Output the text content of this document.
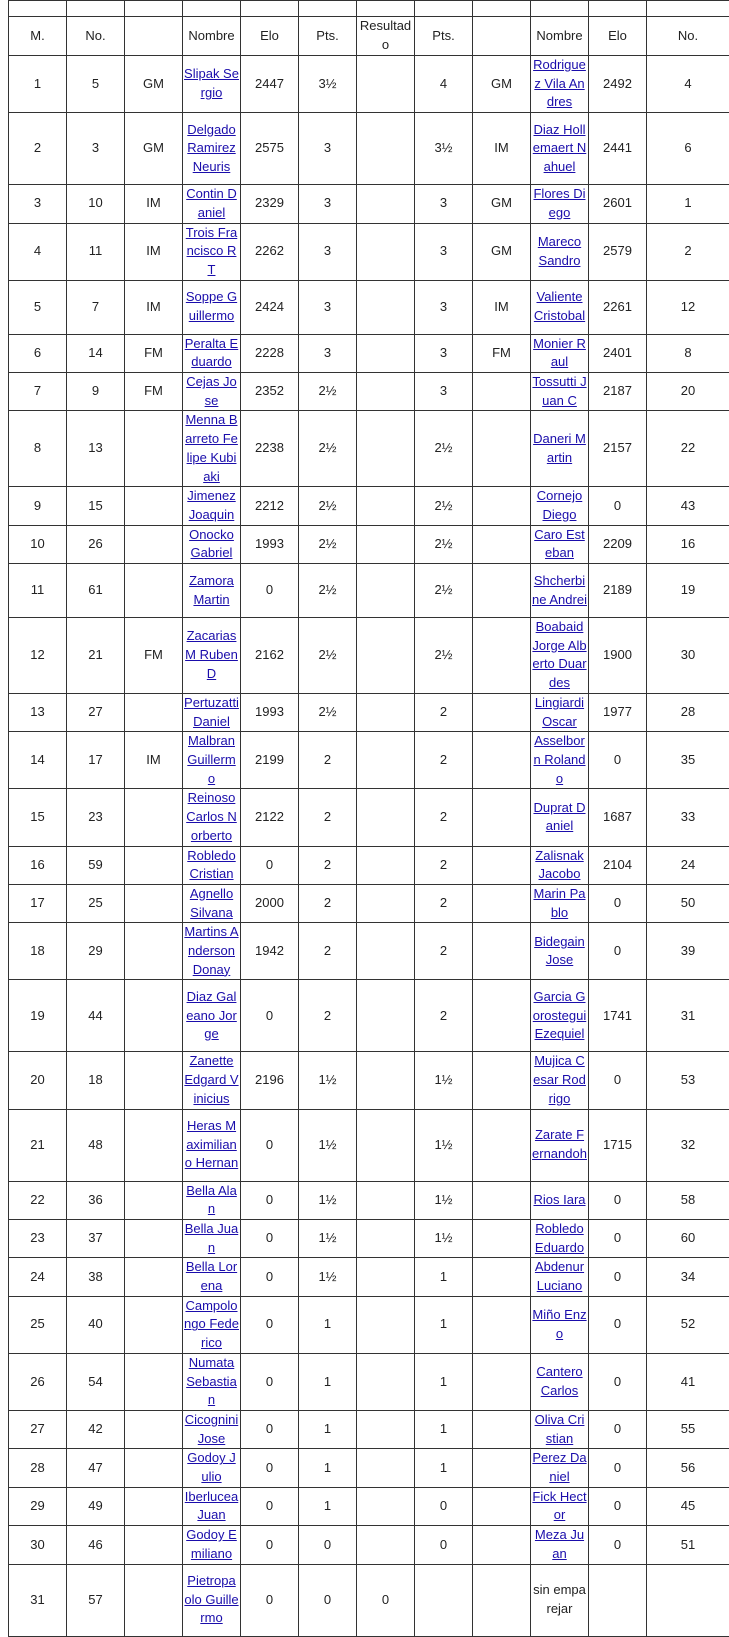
M.	No.		Nombre	Elo	Pts.	Resultado	Pts.		Nombre	Elo	No.
1	5	GM	Slipak Sergio	2447	3½		4	GM	Rodriguez Vila Andres	2492	4
2	3	GM	Delgado Ramirez Neuris	2575	3		3½	IM	Diaz Hollemaert Nahuel	2441	6
3	10	IM	Contin Daniel	2329	3		3	GM	Flores Diego	2601	1
4	11	IM	Trois Francisco R T	2262	3		3	GM	Mareco Sandro	2579	2
5	7	IM	Soppe Guillermo	2424	3		3	IM	Valiente Cristobal	2261	12
6	14	FM	Peralta Eduardo	2228	3		3	FM	Monier Raul	2401	8
7	9	FM	Cejas Jose	2352	2½		3		Tossutti Juan C	2187	20
8	13		Menna Barreto Felipe Kubiaki	2238	2½		2½		Daneri Martin	2157	22
9	15		Jimenez Joaquin	2212	2½		2½		Cornejo Diego	0	43
10	26		Onocko Gabriel	1993	2½		2½		Caro Esteban	2209	16
11	61		Zamora Martin	0	2½		2½		Shcherbine Andrei	2189	19
12	21	FM	Zacarias M Ruben D	2162	2½		2½		Boabaid Jorge Alberto Duardes	1900	30
13	27		Pertuzatti Daniel	1993	2½		2		Lingiardi Oscar	1977	28
14	17	IM	Malbran Guillermo	2199	2		2		Asselborn Rolando	0	35
15	23		Reinoso Carlos Norberto	2122	2		2		Duprat Daniel	1687	33
16	59		Robledo Cristian	0	2		2		Zalisnak Jacobo	2104	24
17	25		Agnello Silvana	2000	2		2		Marin Pablo	0	50
18	29		Martins Anderson Donay	1942	2		2		Bidegain Jose	0	39
19	44		Diaz Galeano Jorge	0	2		2		Garcia Gorostegui Ezequiel	1741	31
20	18		Zanette Edgard Vinicius	2196	1½		1½		Mujica Cesar Rodrigo	0	53
21	48		Heras Maximiliano Hernan	0	1½		1½		Zarate Fernandoh	1715	32
22	36		Bella Alan	0	1½		1½		Rios Iara	0	58
23	37		Bella Juan	0	1½		1½		Robledo Eduardo	0	60
24	38		Bella Lorena	0	1½		1		Abdenur Luciano	0	34
25	40		Campolongo Federico	0	1		1		Miño Enzo	0	52
26	54		Numata Sebastian	0	1		1		Cantero Carlos	0	41
27	42		Cicognini Jose	0	1		1		Oliva Cristian	0	55
28	47		Godoy Julio	0	1		1		Perez Daniel	0	56
29	49		Iberlucea Juan	0	1		0		Fick Hector	0	45
30	46		Godoy Emiliano	0	0		0		Meza Juan	0	51
31	57		Pietropaolo Guillermo	0	0	0			sin emparejar		
